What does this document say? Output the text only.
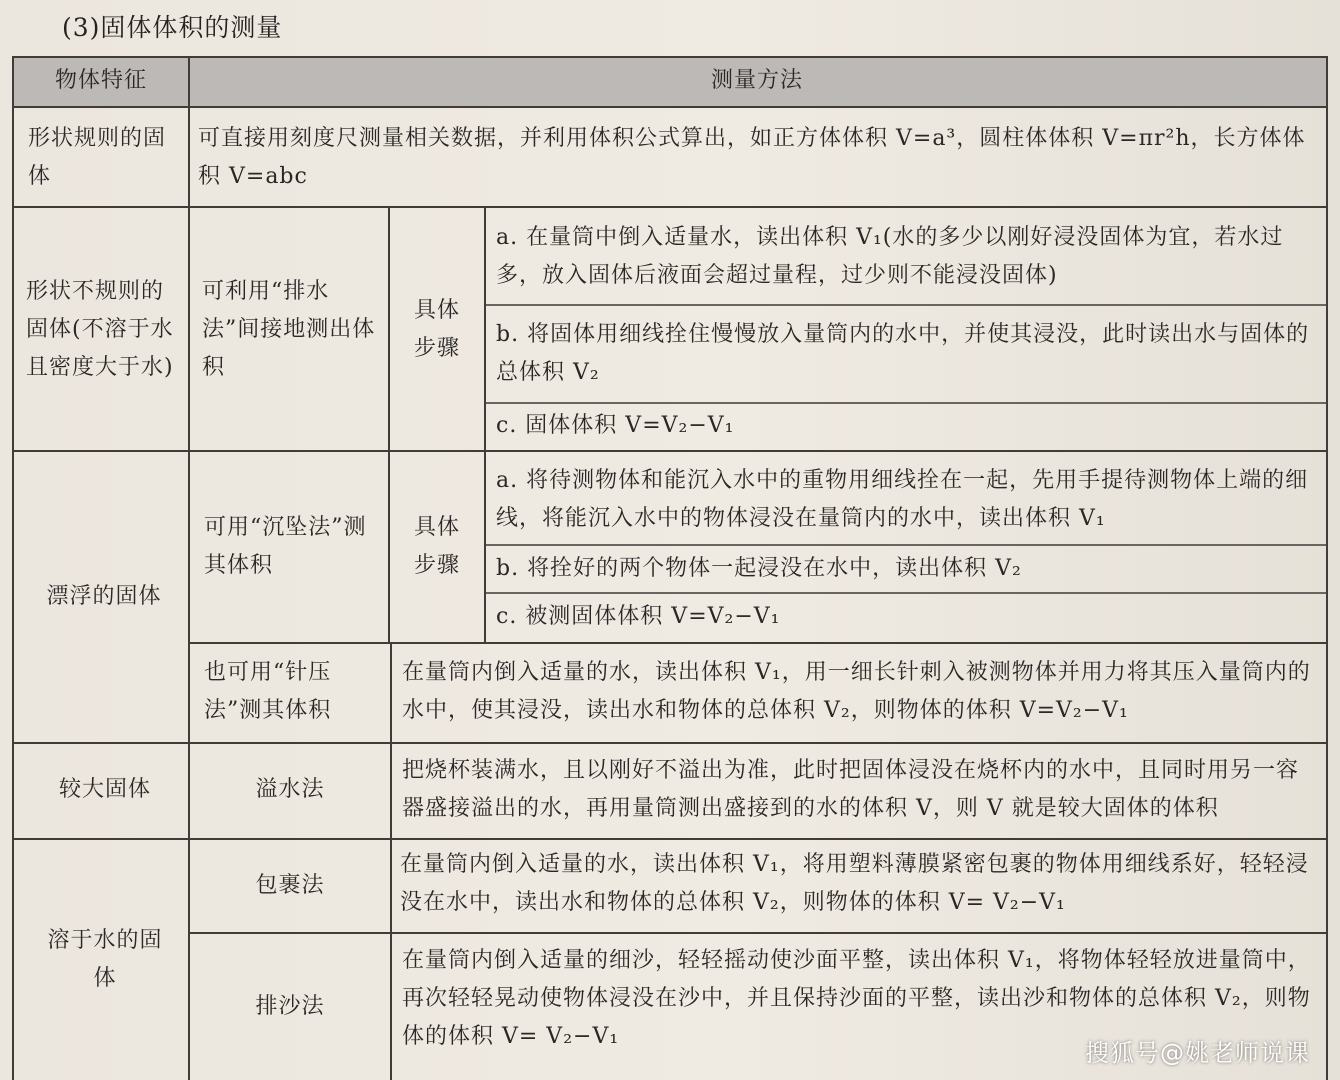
(3)固体体积的测量
物体特征	测量方法
形状规则的固体
可直接用刻度尺测量相关数据，并利用体积公式算出，如正方体体积 V=a³，圆柱体体积 V=πr²h，长方体体积 V=abc
形状不规则的固体(不溶于水且密度大于水)
可利用“排水法”间接地测出体积
具体步骤
a. 在量筒中倒入适量水，读出体积 V₁(水的多少以刚好浸没固体为宜，若水过多，放入固体后液面会超过量程，过少则不能浸没固体)
b. 将固体用细线拴住慢慢放入量筒内的水中，并使其浸没，此时读出水与固体的总体积 V₂
c. 固体体积 V=V₂−V₁
漂浮的固体
可用“沉坠法”测其体积
具体步骤
a. 将待测物体和能沉入水中的重物用细线拴在一起，先用手提待测物体上端的细线，将能沉入水中的物体浸没在量筒内的水中，读出体积 V₁
b. 将拴好的两个物体一起浸没在水中，读出体积 V₂
c. 被测固体体积 V=V₂−V₁
也可用“针压法”测其体积
在量筒内倒入适量的水，读出体积 V₁，用一细长针刺入被测物体并用力将其压入量筒内的水中，使其浸没，读出水和物体的总体积 V₂，则物体的体积 V=V₂−V₁
较大固体	溢水法
把烧杯装满水，且以刚好不溢出为准，此时把固体浸没在烧杯内的水中，且同时用另一容器盛接溢出的水，再用量筒测出盛接到的水的体积 V，则 V 就是较大固体的体积
溶于水的固体
包裹法
在量筒内倒入适量的水，读出体积 V₁，将用塑料薄膜紧密包裹的物体用细线系好，轻轻浸没在水中，读出水和物体的总体积 V₂，则物体的体积 V= V₂−V₁
排沙法
在量筒内倒入适量的细沙，轻轻摇动使沙面平整，读出体积 V₁，将物体轻轻放进量筒中，再次轻轻晃动使物体浸没在沙中，并且保持沙面的平整，读出沙和物体的总体积 V₂，则物体的体积 V= V₂−V₁
搜狐号@姚老师说课
